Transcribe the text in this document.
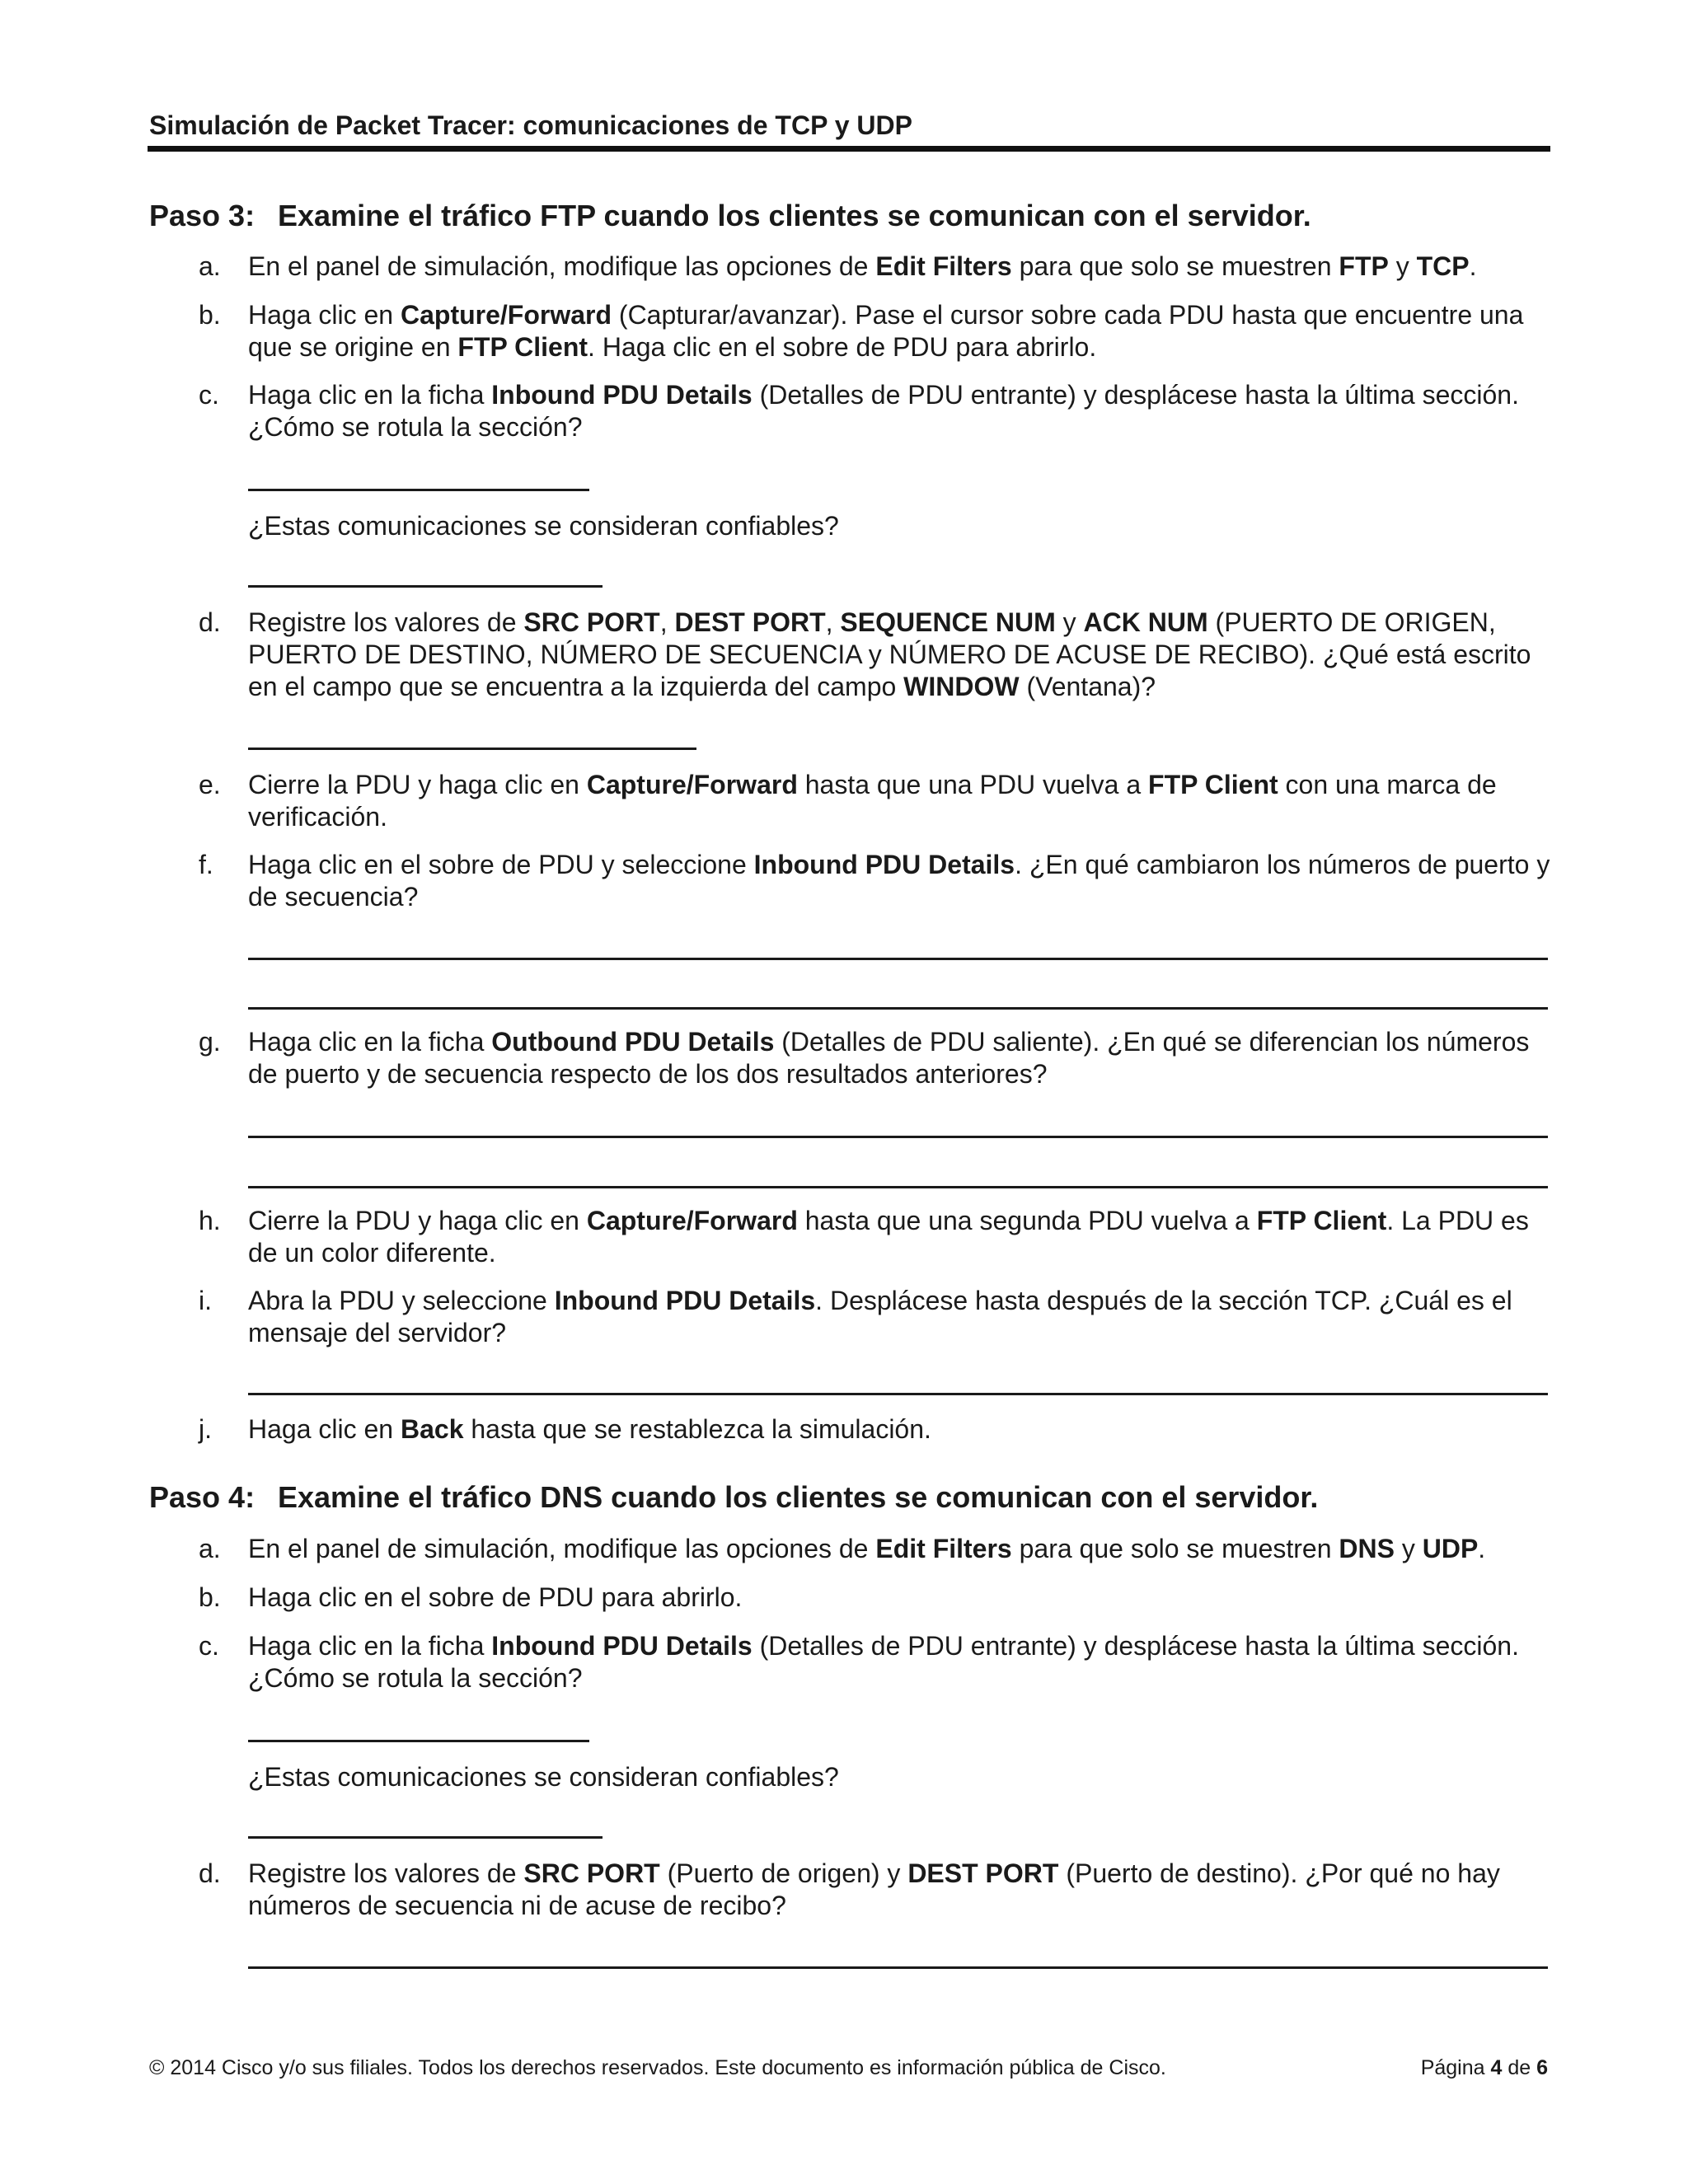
Simulación de Packet Tracer: comunicaciones de TCP y UDP
Paso 3: Examine el tráfico FTP cuando los clientes se comunican con el servidor.
a.	En el panel de simulación, modifique las opciones de Edit Filters para que solo se muestren FTP y TCP.

b.	Haga clic en Capture/Forward (Capturar/avanzar). Pase el cursor sobre cada PDU hasta que encuentre una que se origine en FTP Client. Haga clic en el sobre de PDU para abrirlo.

c.	Haga clic en la ficha Inbound PDU Details (Detalles de PDU entrante) y desplácese hasta la última sección. ¿Cómo se rotula la sección?

¿Estas comunicaciones se consideran confiables?
d.	Registre los valores de SRC PORT, DEST PORT, SEQUENCE NUM y ACK NUM (PUERTO DE ORIGEN, PUERTO DE DESTINO, NÚMERO DE SECUENCIA y NÚMERO DE ACUSE DE RECIBO). ¿Qué está escrito en el campo que se encuentra a la izquierda del campo WINDOW (Ventana)?

e.	Cierre la PDU y haga clic en Capture/Forward hasta que una PDU vuelva a FTP Client con una marca de verificación.

f.	Haga clic en el sobre de PDU y seleccione Inbound PDU Details. ¿En qué cambiaron los números de puerto y de secuencia?

g.	Haga clic en la ficha Outbound PDU Details (Detalles de PDU saliente). ¿En qué se diferencian los números de puerto y de secuencia respecto de los dos resultados anteriores?

h.	Cierre la PDU y haga clic en Capture/Forward hasta que una segunda PDU vuelva a FTP Client. La PDU es de un color diferente.

i.	Abra la PDU y seleccione Inbound PDU Details. Desplácese hasta después de la sección TCP. ¿Cuál es el mensaje del servidor?

j.	Haga clic en Back hasta que se restablezca la simulación.

Paso 4: Examine el tráfico DNS cuando los clientes se comunican con el servidor.
a.	En el panel de simulación, modifique las opciones de Edit Filters para que solo se muestren DNS y UDP.

b.	Haga clic en el sobre de PDU para abrirlo.

c.	Haga clic en la ficha Inbound PDU Details (Detalles de PDU entrante) y desplácese hasta la última sección. ¿Cómo se rotula la sección?

¿Estas comunicaciones se consideran confiables?
d.	Registre los valores de SRC PORT (Puerto de origen) y DEST PORT (Puerto de destino). ¿Por qué no hay números de secuencia ni de acuse de recibo?

© 2014 Cisco y/o sus filiales. Todos los derechos reservados. Este documento es información pública de Cisco.	Página 4 de 6
